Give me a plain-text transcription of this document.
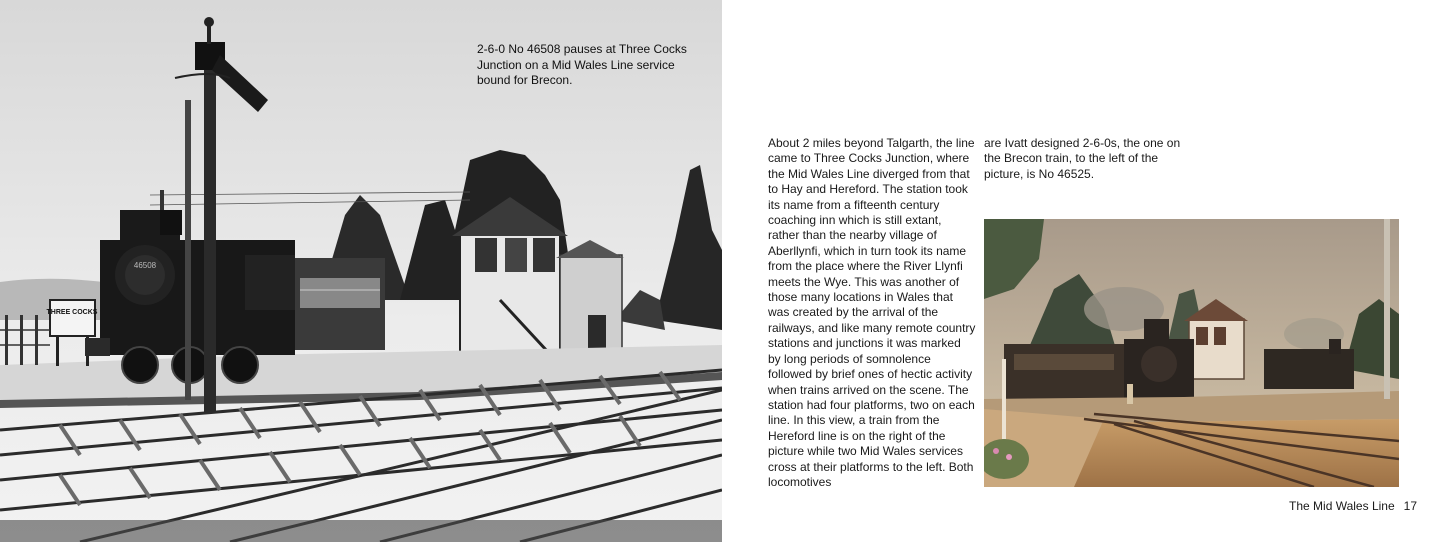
THREE COCKS
46508
2-6-0 No 46508 pauses at Three Cocks Junction on a Mid Wales Line service bound for Brecon.
About 2 miles beyond Talgarth, the line came to Three Cocks Junction, where the Mid Wales Line diverged from that to Hay and Hereford. The station took its name from a fifteenth century coaching inn which is still extant, rather than the nearby village of Aberllynfi, which in turn took its name from the place where the River Llynfi meets the Wye. This was another of those many locations in Wales that was created by the arrival of the railways, and like many remote country stations and junctions it was marked by long periods of somnolence followed by brief ones of hectic activity when trains arrived on the scene. The station had four platforms, two on each line. In this view, a train from the Hereford line is on the right of the picture while two Mid Wales services cross at their platforms to the left. Both locomotives
are Ivatt designed 2-6-0s, the one on the Brecon train, to the left of the picture, is No 46525.
The Mid Wales Line 17
